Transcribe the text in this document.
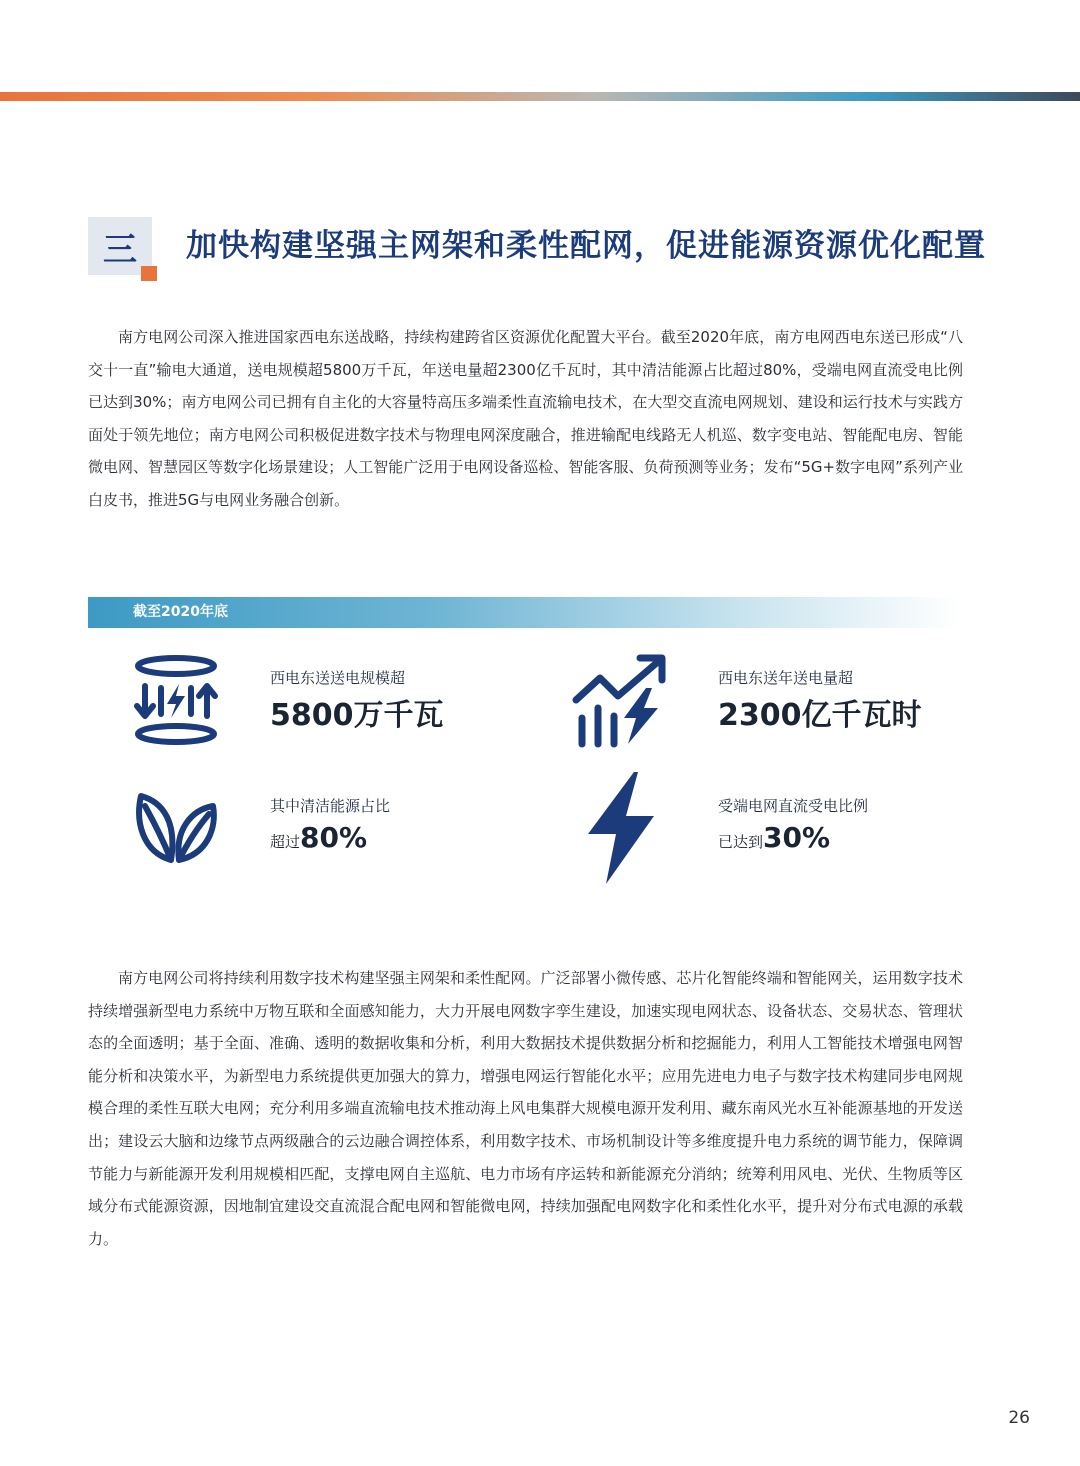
三	加快构建坚强主网架和柔性配网，促进能源资源优化配置

南方电网公司深入推进国家西电东送战略，持续构建跨省区资源优化配置大平台。截至2020年底，南方电网西电东送已形成“八交十一直”输电大通道，送电规模超5800万千瓦，年送电量超2300亿千瓦时，其中清洁能源占比超过80%，受端电网直流受电比例已达到30%；南方电网公司已拥有自主化的大容量特高压多端柔性直流输电技术，在大型交直流电网规划、建设和运行技术与实践方面处于领先地位；南方电网公司积极促进数字技术与物理电网深度融合，推进输配电线路无人机巡、数字变电站、智能配电房、智能微电网、智慧园区等数字化场景建设；人工智能广泛用于电网设备巡检、智能客服、负荷预测等业务；发布“5G+数字电网”系列产业白皮书，推进5G与电网业务融合创新。

截至2020年底
西电东送送电规模超
5800万千瓦
西电东送年送电量超
2300亿千瓦时
其中清洁能源占比
超过80%
受端电网直流受电比例
已达到30%

南方电网公司将持续利用数字技术构建坚强主网架和柔性配网。广泛部署小微传感、芯片化智能终端和智能网关，运用数字技术持续增强新型电力系统中万物互联和全面感知能力，大力开展电网数字孪生建设，加速实现电网状态、设备状态、交易状态、管理状态的全面透明；基于全面、准确、透明的数据收集和分析，利用大数据技术提供数据分析和挖掘能力，利用人工智能技术增强电网智能分析和决策水平，为新型电力系统提供更加强大的算力，增强电网运行智能化水平；应用先进电力电子与数字技术构建同步电网规模合理的柔性互联大电网；充分利用多端直流输电技术推动海上风电集群大规模电源开发利用、藏东南风光水互补能源基地的开发送出；建设云大脑和边缘节点两级融合的云边融合调控体系，利用数字技术、市场机制设计等多维度提升电力系统的调节能力，保障调节能力与新能源开发利用规模相匹配，支撑电网自主巡航、电力市场有序运转和新能源充分消纳；统筹利用风电、光伏、生物质等区域分布式能源资源，因地制宜建设交直流混合配电网和智能微电网，持续加强配电网数字化和柔性化水平，提升对分布式电源的承载力。

26
